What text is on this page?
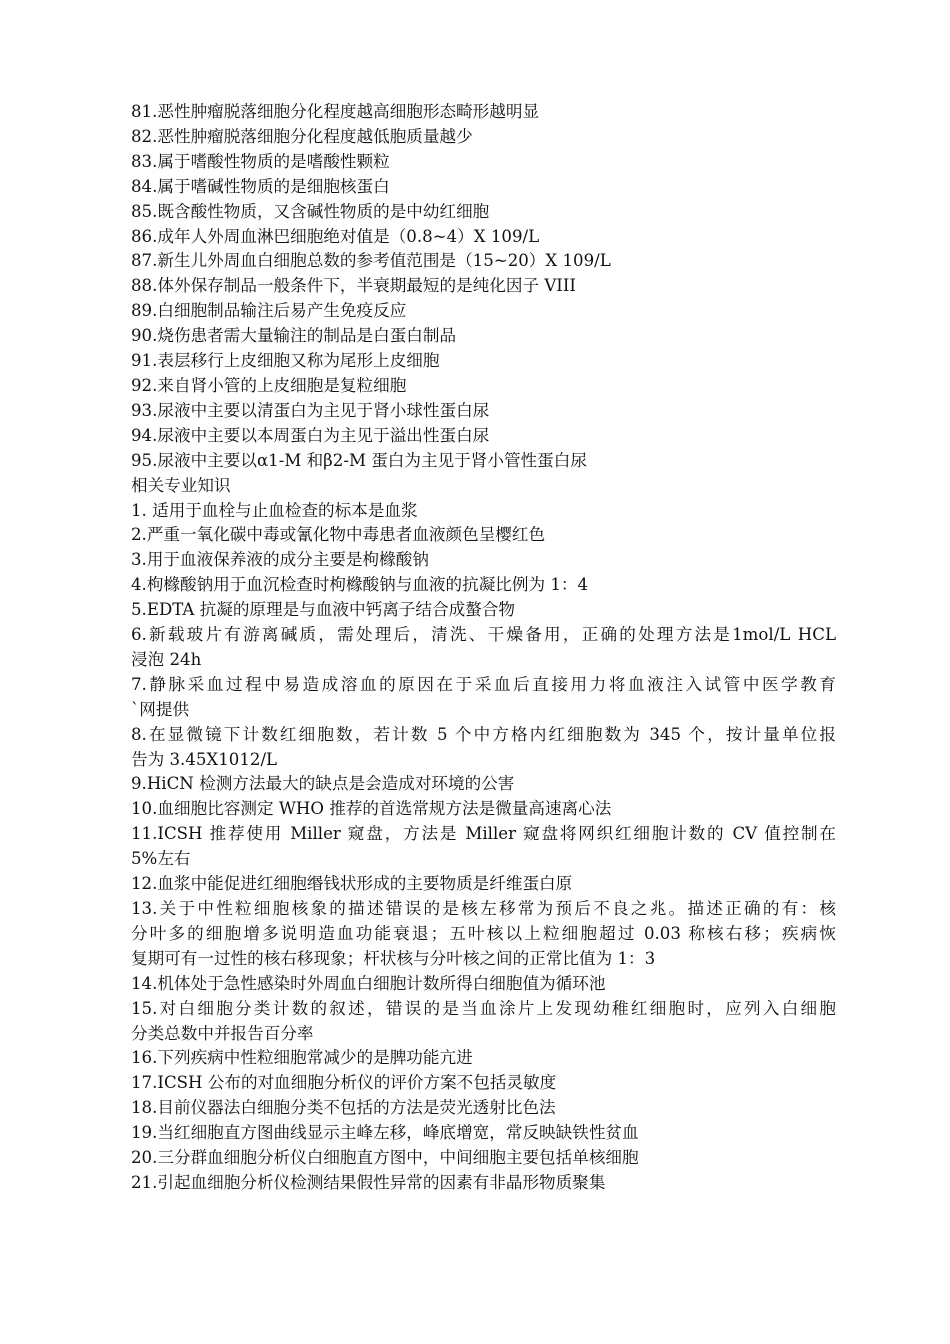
81.恶性肿瘤脱落细胞分化程度越高细胞形态畸形越明显
82.恶性肿瘤脱落细胞分化程度越低胞质量越少
83.属于嗜酸性物质的是嗜酸性颗粒
84.属于嗜碱性物质的是细胞核蛋白
85.既含酸性物质，又含碱性物质的是中幼红细胞
86.成年人外周血淋巴细胞绝对值是（0.8~4）X 109/L
87.新生儿外周血白细胞总数的参考值范围是（15~20）X 109/L
88.体外保存制品一般条件下，半衰期最短的是纯化因子 VIII
89.白细胞制品输注后易产生免疫反应
90.烧伤患者需大量输注的制品是白蛋白制品
91.表层移行上皮细胞又称为尾形上皮细胞
92.来自肾小管的上皮细胞是复粒细胞
93.尿液中主要以清蛋白为主见于肾小球性蛋白尿
94.尿液中主要以本周蛋白为主见于溢出性蛋白尿
95.尿液中主要以α1-M 和β2-M 蛋白为主见于肾小管性蛋白尿
相关专业知识
1. 适用于血栓与止血检查的标本是血浆
2.严重一氧化碳中毒或氰化物中毒患者血液颜色呈樱红色
3.用于血液保养液的成分主要是枸橼酸钠
4.枸橼酸钠用于血沉检查时枸橼酸钠与血液的抗凝比例为 1：4
5.EDTA 抗凝的原理是与血液中钙离子结合成螯合物
6.新载玻片有游离碱质，需处理后，清洗、干燥备用，正确的处理方法是1mol/L HCL
浸泡 24h
7.静脉采血过程中易造成溶血的原因在于采血后直接用力将血液注入试管中医学教育
`网提供
8.在显微镜下计数红细胞数，若计数 5 个中方格内红细胞数为 345 个，按计量单位报
告为 3.45X1012/L
9.HiCN 检测方法最大的缺点是会造成对环境的公害
10.血细胞比容测定 WHO 推荐的首选常规方法是微量高速离心法
11.ICSH 推荐使用 Miller 窥盘，方法是 Miller 窥盘将网织红细胞计数的 CV 值控制在
5%左右
12.血浆中能促进红细胞缗钱状形成的主要物质是纤维蛋白原
13.关于中性粒细胞核象的描述错误的是核左移常为预后不良之兆。描述正确的有：核
分叶多的细胞增多说明造血功能衰退；五叶核以上粒细胞超过 0.03 称核右移；疾病恢
复期可有一过性的核右移现象；杆状核与分叶核之间的正常比值为 1：3
14.机体处于急性感染时外周血白细胞计数所得白细胞值为循环池
15.对白细胞分类计数的叙述，错误的是当血涂片上发现幼稚红细胞时，应列入白细胞
分类总数中并报告百分率
16.下列疾病中性粒细胞常减少的是脾功能亢进
17.ICSH 公布的对血细胞分析仪的评价方案不包括灵敏度
18.目前仪器法白细胞分类不包括的方法是荧光透射比色法
19.当红细胞直方图曲线显示主峰左移，峰底增宽，常反映缺铁性贫血
20.三分群血细胞分析仪白细胞直方图中，中间细胞主要包括单核细胞
21.引起血细胞分析仪检测结果假性异常的因素有非晶形物质聚集
